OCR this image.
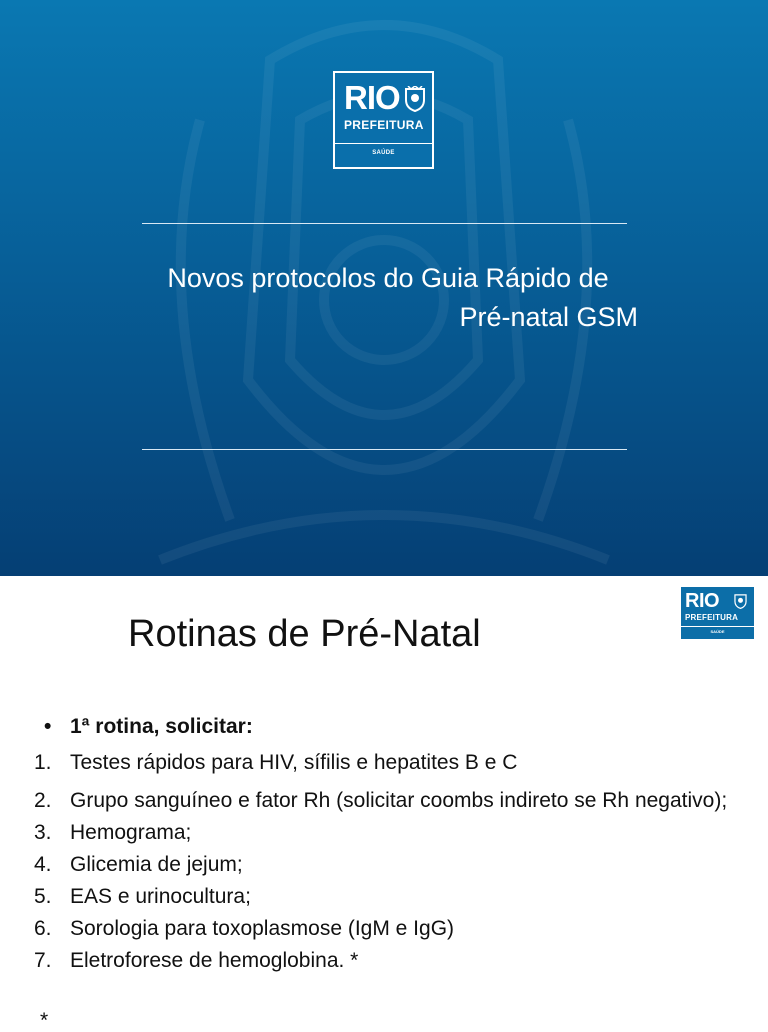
RIO
PREFEITURA
SAÚDE
Novos protocolos do Guia Rápido de
Pré-natal GSM
Rotinas de Pré-Natal
RIO
PREFEITURA
SAÚDE
• 1ª rotina, solicitar:
1. Testes rápidos para HIV, sífilis e hepatites B e C
2. Grupo sanguíneo e fator Rh (solicitar coombs indireto se Rh negativo);
3. Hemograma;
4. Glicemia de jejum;
5. EAS e urinocultura;
6. Sorologia para toxoplasmose (IgM e IgG)
7. Eletroforese de hemoglobina. *
*
